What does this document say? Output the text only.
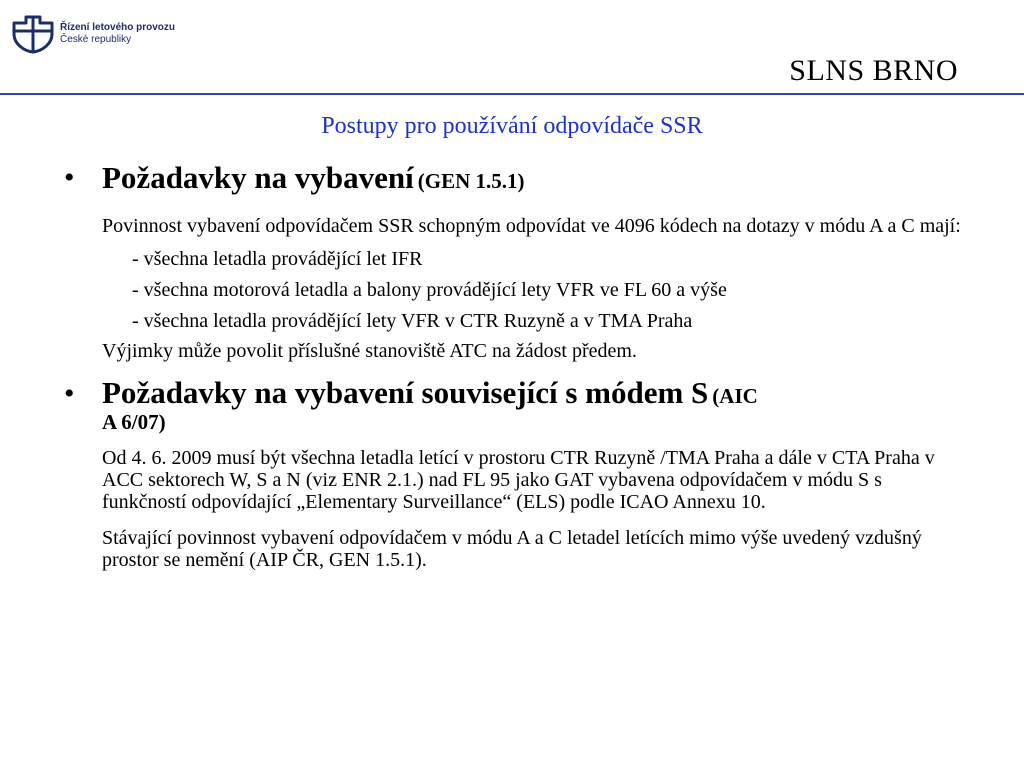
Řízení letového provozu
České republiky
SLNS BRNO
Postupy pro používání odpovídače SSR
• Požadavky na vybavení (GEN 1.5.1)

Povinnost vybavení odpovídačem SSR schopným odpovídat ve 4096 kódech na dotazy v módu A a C mají:

- všechna letadla provádějící let IFR

- všechna motorová letadla a balony provádějící lety VFR ve FL 60 a výše

- všechna letadla provádějící lety VFR v CTR Ruzyně a v TMA Praha

Výjimky může povolit příslušné stanoviště ATC na žádost předem.

• Požadavky na vybavení související s módem S (AIC
A 6/07)

Od 4. 6. 2009 musí být všechna letadla letící v prostoru CTR Ruzyně /TMA Praha a dále v CTA Praha v ACC sektorech W, S a N (viz ENR 2.1.) nad FL 95 jako GAT vybavena odpovídačem v módu S s funkčností odpovídající „Elementary Surveillance“ (ELS) podle ICAO Annexu 10.

Stávající povinnost vybavení odpovídačem v módu A a C letadel letících mimo výše uvedený vzdušný prostor se nemění (AIP ČR, GEN 1.5.1).
